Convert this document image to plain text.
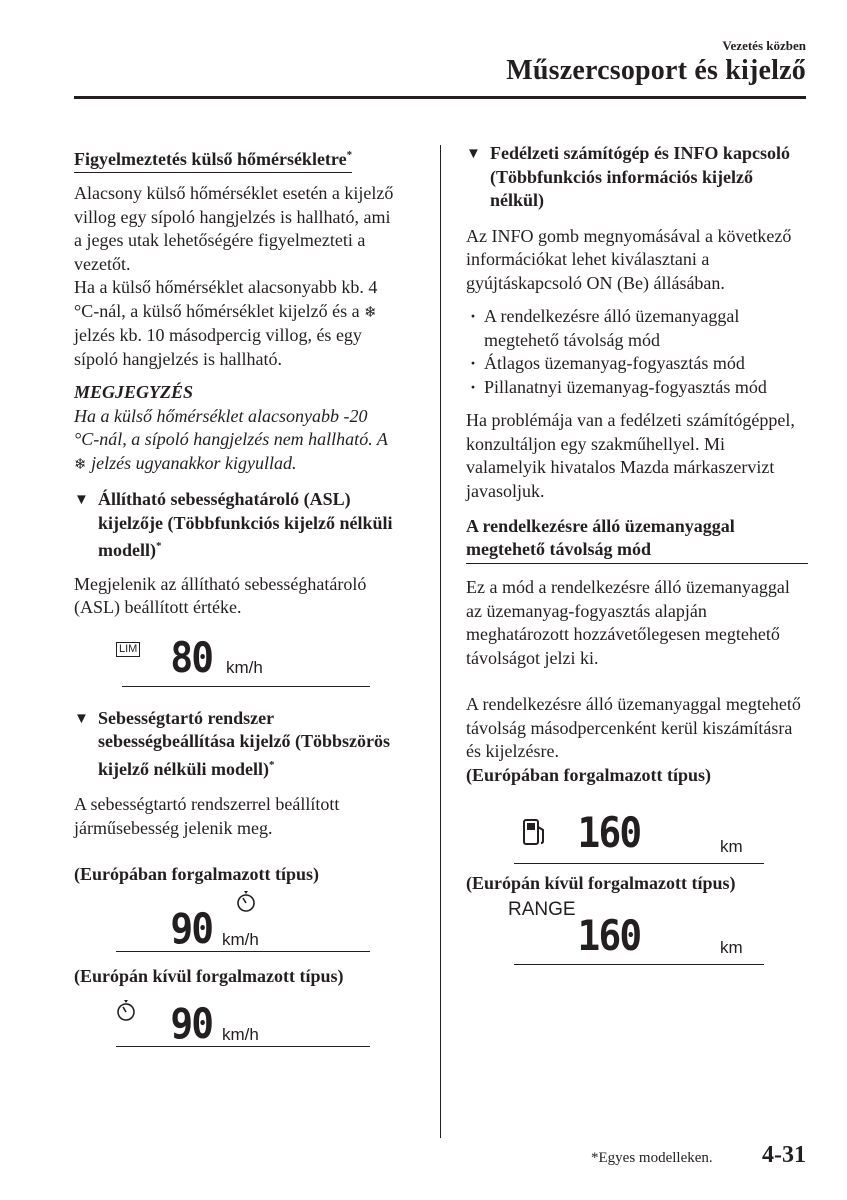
Vezetés közben
Műszercsoport és kijelző
Figyelmeztetés külső hőmérsékletre*

Alacsony külső hőmérséklet esetén a kijelző villog egy sípoló hangjelzés is hallható, ami a jeges utak lehetőségére figyelmezteti a vezetőt.

Ha a külső hőmérséklet alacsonyabb kb. 4 °C-nál, a külső hőmérséklet kijelző és a ❄ jelzés kb. 10 másodpercig villog, és egy sípoló hangjelzés is hallható.

MEGJEGYZÉS

Ha a külső hőmérséklet alacsonyabb -20 °C-nál, a sípoló hangjelzés nem hallható. A ❄ jelzés ugyanakkor kigyullad.

▼ Állítható sebességhatároló (ASL) kijelzője (Többfunkciós kijelző nélküli modell)*

Megjelenik az állítható sebességhatároló (ASL) beállított értéke.

LIM 80 km/h
▼ Sebességtartó rendszer sebességbeállítása kijelző (Többszörös kijelző nélküli modell)*

A sebességtartó rendszerrel beállított járműsebesség jelenik meg.

(Európában forgalmazott típus)

90 km/h

(Európán kívül forgalmazott típus)

90 km/h
▼ Fedélzeti számítógép és INFO kapcsoló (Többfunkciós információs kijelző nélkül)

Az INFO gomb megnyomásával a következő információkat lehet kiválasztani a gyújtáskapcsoló ON (Be) állásában.

· A rendelkezésre álló üzemanyaggal megtehető távolság mód
· Átlagos üzemanyag-fogyasztás mód
· Pillanatnyi üzemanyag-fogyasztás mód

Ha problémája van a fedélzeti számítógéppel, konzultáljon egy szakműhellyel. Mi valamelyik hivatalos Mazda márkaszervizt javasoljuk.

A rendelkezésre álló üzemanyaggal megtehető távolság mód

Ez a mód a rendelkezésre álló üzemanyaggal az üzemanyag-fogyasztás alapján meghatározott hozzávetőlegesen megtehető távolságot jelzi ki.

A rendelkezésre álló üzemanyaggal megtehető távolság másodpercenként kerül kiszámításra és kijelzésre.

(Európában forgalmazott típus)

160	km

(Európán kívül forgalmazott típus)

RANGE
160	km
*Egyes modelleken. 4-31
